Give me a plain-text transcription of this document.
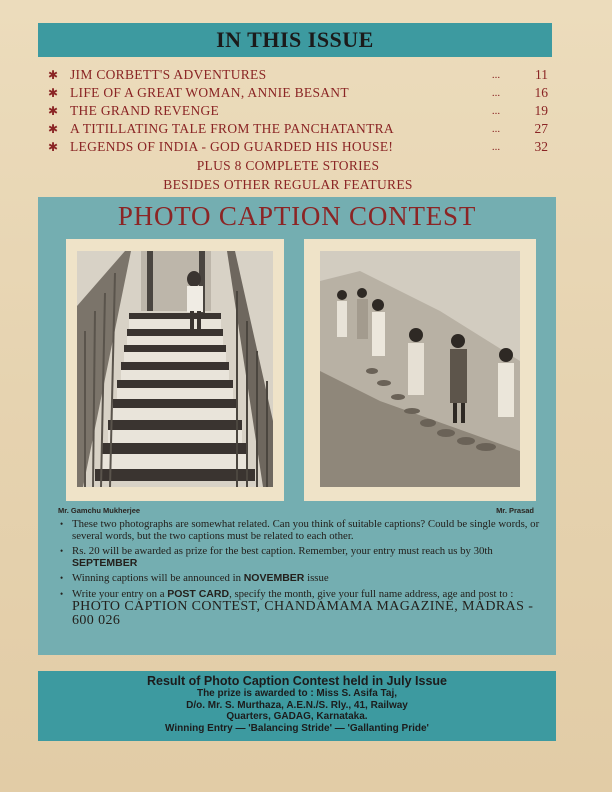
IN THIS ISSUE
✱ JIM CORBETT'S ADVENTURES	...	11
✱ LIFE OF A GREAT WOMAN, ANNIE BESANT	...	16
✱ THE GRAND REVENGE	...	19
✱ A TITILLATING TALE FROM THE PANCHATANTRA	...	27
✱ LEGENDS OF INDIA - GOD GUARDED HIS HOUSE!	...	32
PLUS 8 COMPLETE STORIES
BESIDES OTHER REGULAR FEATURES
PHOTO CAPTION CONTEST
Mr. Gamchu Mukherjee	Mr. Prasad
• These two photographs are somewhat related. Can you think of suitable captions? Could be single words, or several words, but the two captions must be related to each other.
• Rs. 20 will be awarded as prize for the best caption. Remember, your entry must reach us by 30th SEPTEMBER
• Winning captions will be announced in NOVEMBER issue
• Write your entry on a POST CARD, specify the month, give your full name address, age and post to : PHOTO CAPTION CONTEST, CHANDAMAMA MAGAZINE, MADRAS - 600 026
Result of Photo Caption Contest held in July Issue
The prize is awarded to : Miss S. Asifa Taj,
D/o. Mr. S. Murthaza, A.E.N./S. Rly., 41, Railway
Quarters, GADAG, Karnataka.
Winning Entry — 'Balancing Stride' — 'Gallanting Pride'
